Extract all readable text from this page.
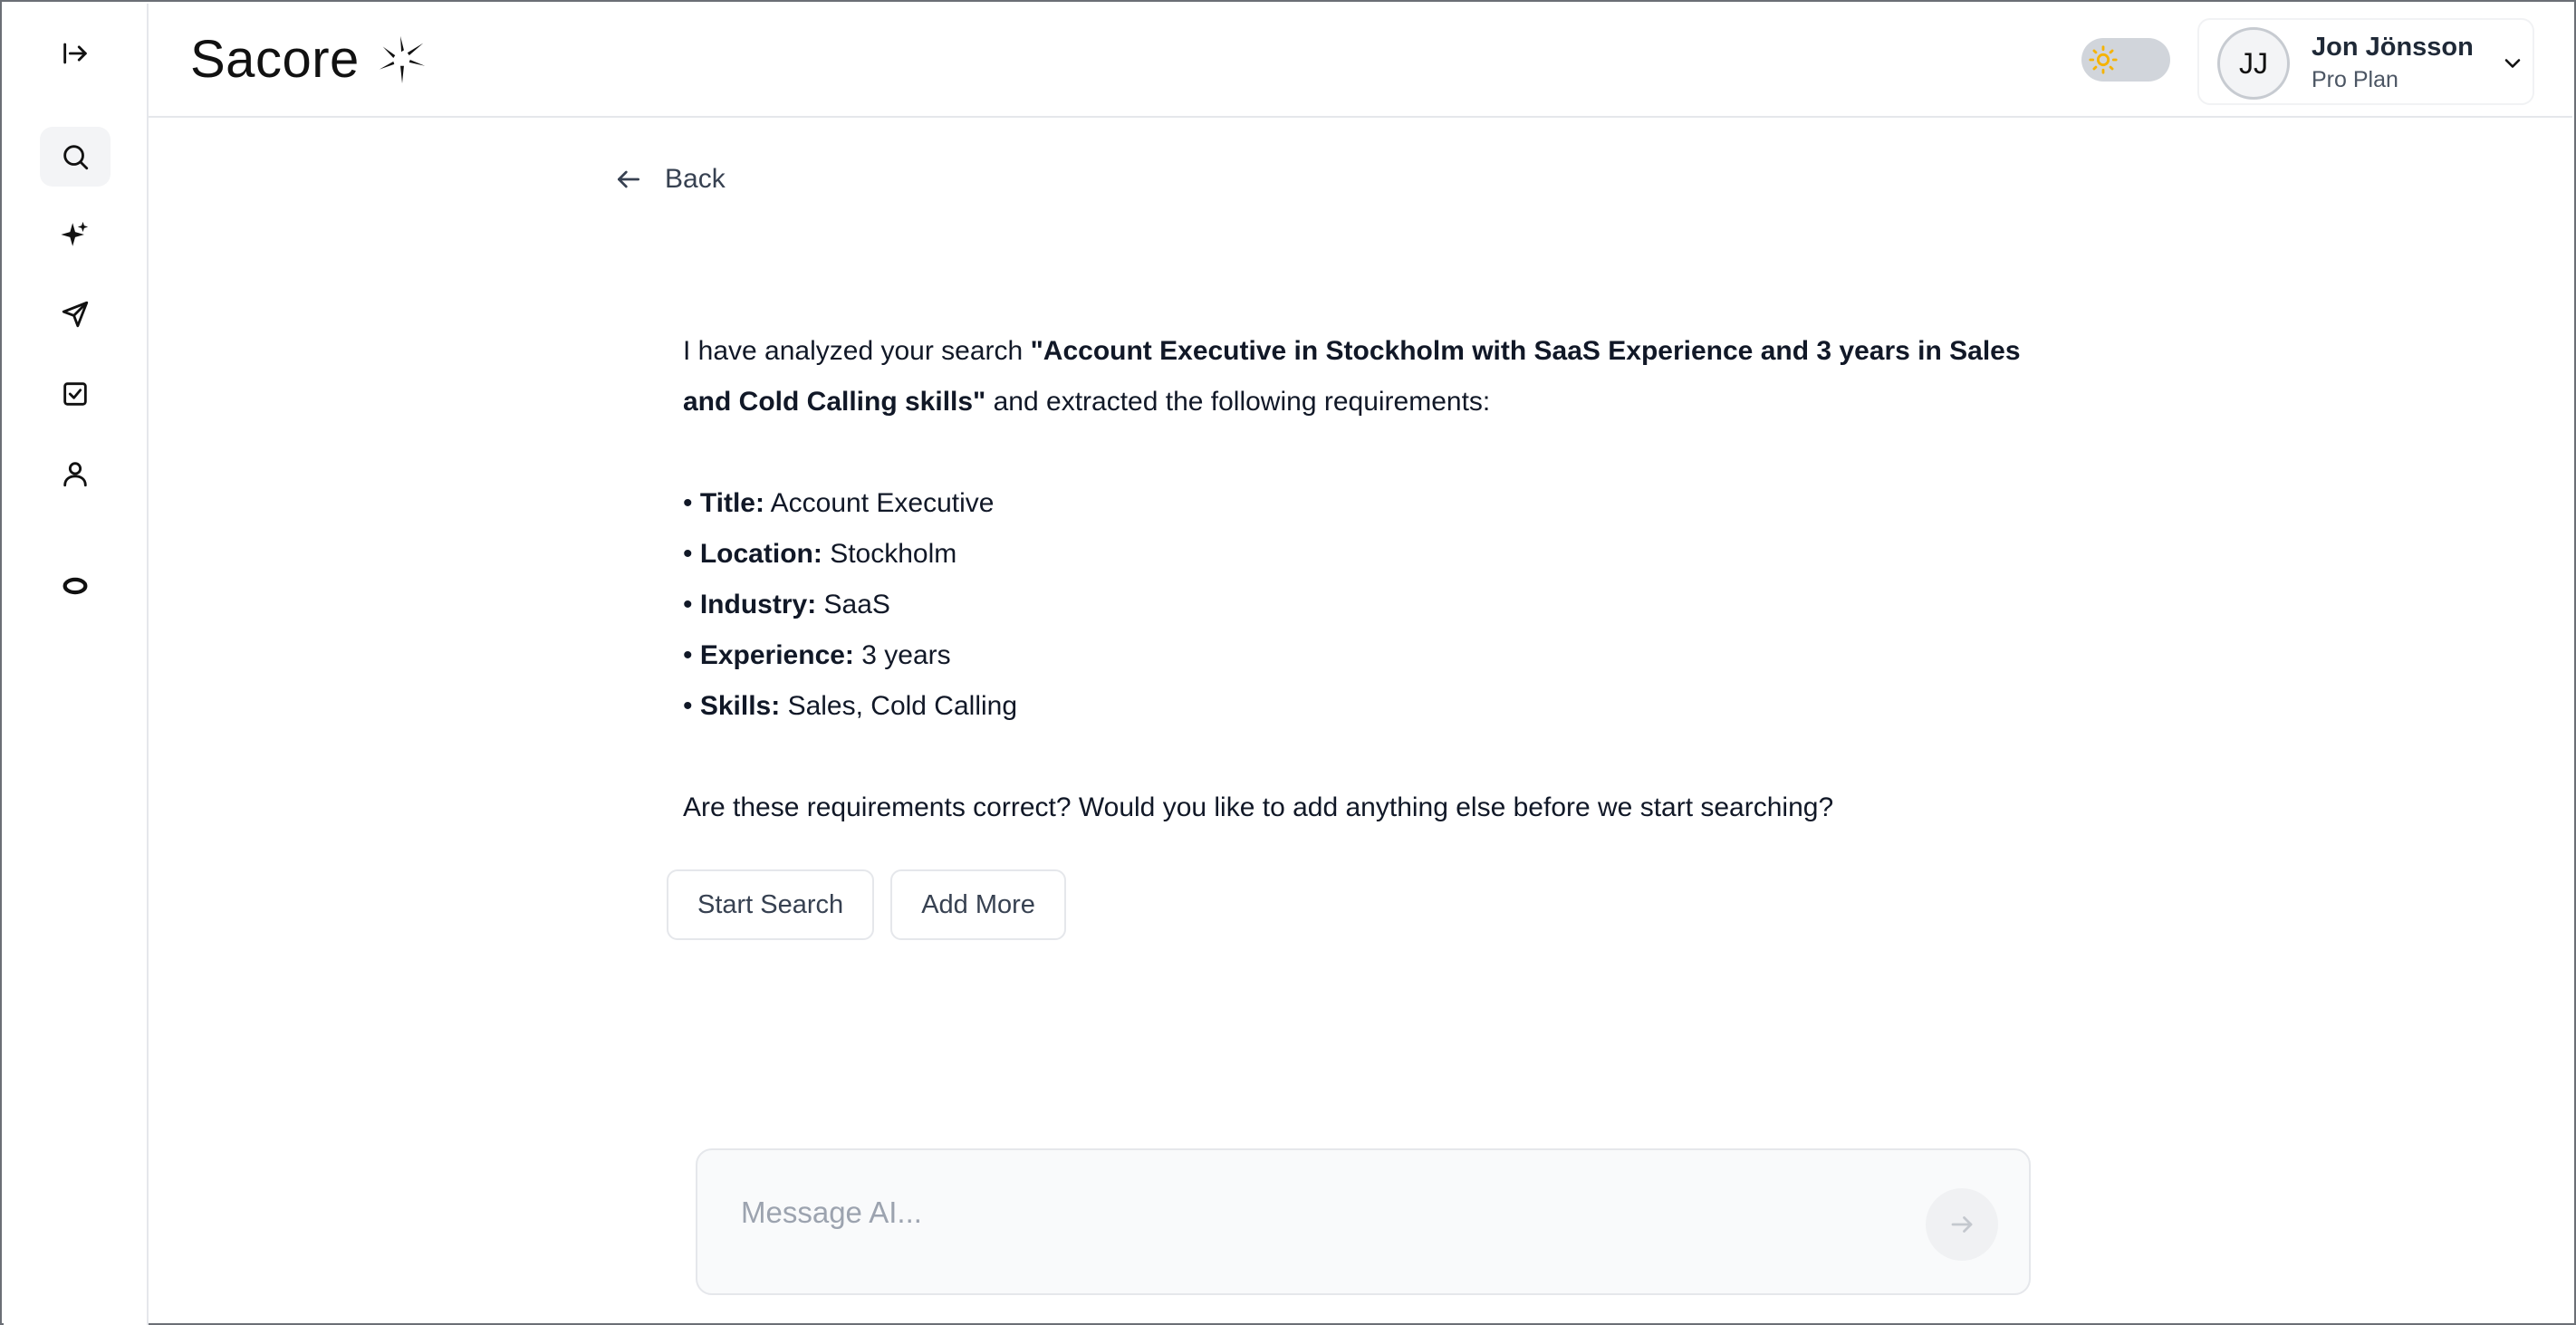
Sacore	JJ	Jon Jönsson
Pro Plan
Back

I have analyzed your search "Account Executive in Stockholm with SaaS Experience and 3 years in Sales and Cold Calling skills" and extracted the following requirements:

• Title: Account Executive
• Location: Stockholm
• Industry: SaaS
• Experience: 3 years
• Skills: Sales, Cold Calling

Are these requirements correct? Would you like to add anything else before we start searching?

Start Search	Add More
Message AI...
